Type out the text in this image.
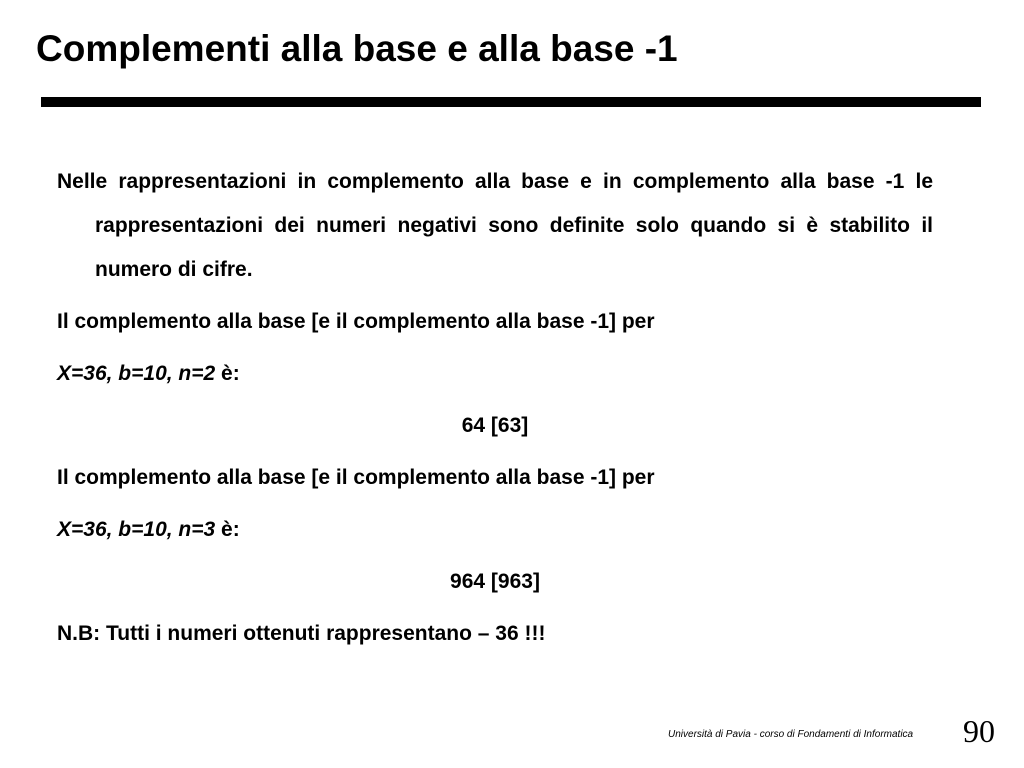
Complementi alla base e alla base -1

Nelle rappresentazioni in complemento alla base e in complemento alla base -1 le rappresentazioni dei numeri negativi sono definite solo quando si è stabilito il numero di cifre.

Il complemento alla base [e il complemento alla base -1] per

X=36, b=10, n=2 è:

64 [63]

Il complemento alla base [e il complemento alla base -1] per

X=36, b=10, n=3 è:

964 [963]

N.B: Tutti i numeri ottenuti rappresentano – 36 !!!

Università di Pavia - corso di Fondamenti di Informatica 90
